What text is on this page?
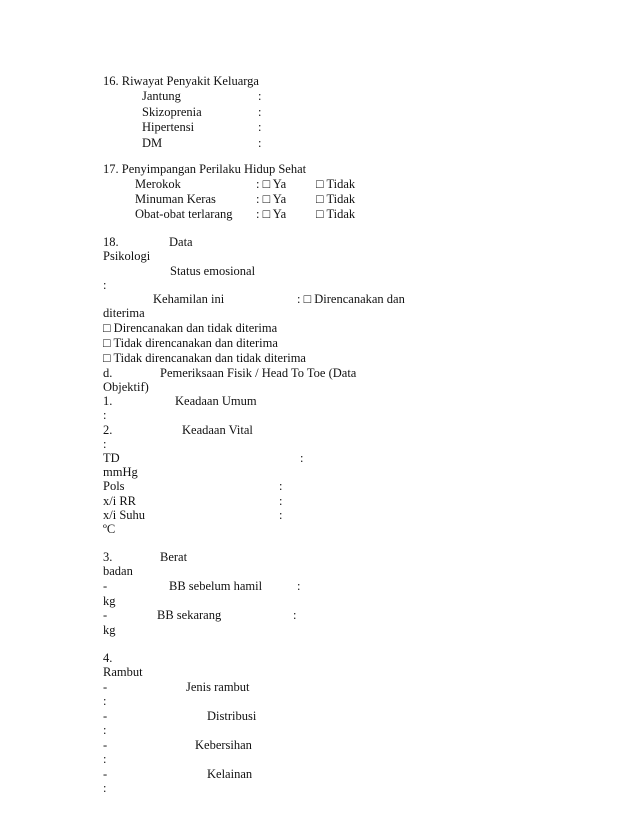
16. Riwayat Penyakit Keluarga
Jantung	:
Skizoprenia	:
Hipertensi	:
DM	:
17. Penyimpangan Perilaku Hidup Sehat
Merokok	: □ Ya □ Tidak
Minuman Keras	: □ Ya □ Tidak
Obat-obat terlarang : □ Ya □ Tidak
18.	Data
Psikologi
Status emosional
:
Kehamilan ini	: □ Direncanakan dan
diterima
□ Direncanakan dan tidak diterima
□ Tidak direncanakan dan diterima
□ Tidak direncanakan dan tidak diterima
d.	Pemeriksaan Fisik / Head To Toe (Data
Objektif)
1.	Keadaan Umum
:
2.	Keadaan Vital
:
TD	:
mmHg
Pols	:
x/i RR	:
x/i Suhu	:
ºC
3.	Berat
badan
-	BB sebelum hamil	:
kg
-	BB sekarang	:
kg
4.
Rambut
-	Jenis rambut
:
-	Distribusi
:
-	Kebersihan
:
-	Kelainan
:
